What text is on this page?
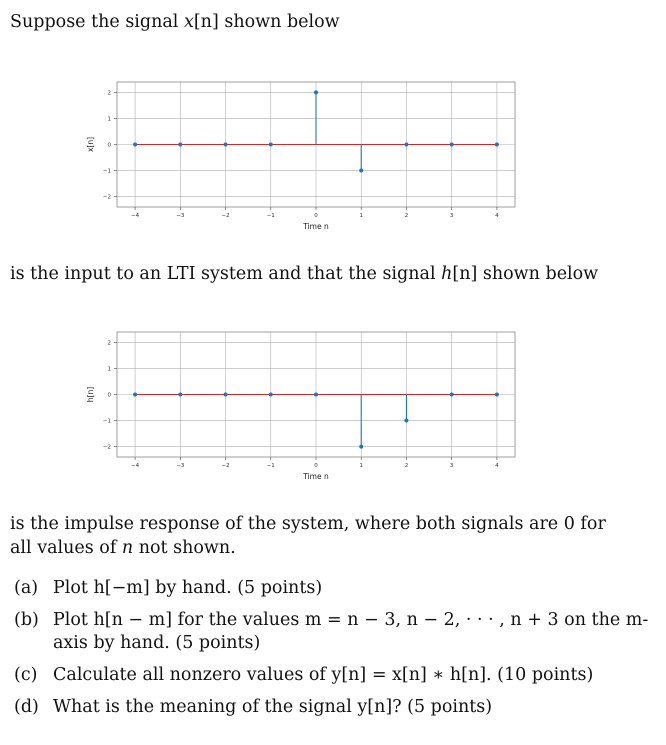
Suppose the signal x[n] shown below

2
1
0
−1
−2
−4	−3	−2	−1	0	1	2	3	4
Time n
x[n]

is the input to an LTI system and that the signal h[n] shown below

2
1
0
−1
−2
−4	−3	−2	−1	0	1	2	3	4
Time n
h[n]

is the impulse response of the system, where both signals are 0 for all values of n not shown.

(a) Plot h[−m] by hand. (5 points)
(b) Plot h[n − m] for the values m = n − 3, n − 2, · · · , n + 3 on the m-axis by hand. (5 points)
(c) Calculate all nonzero values of y[n] = x[n] ∗ h[n]. (10 points)
(d) What is the meaning of the signal y[n]? (5 points)
